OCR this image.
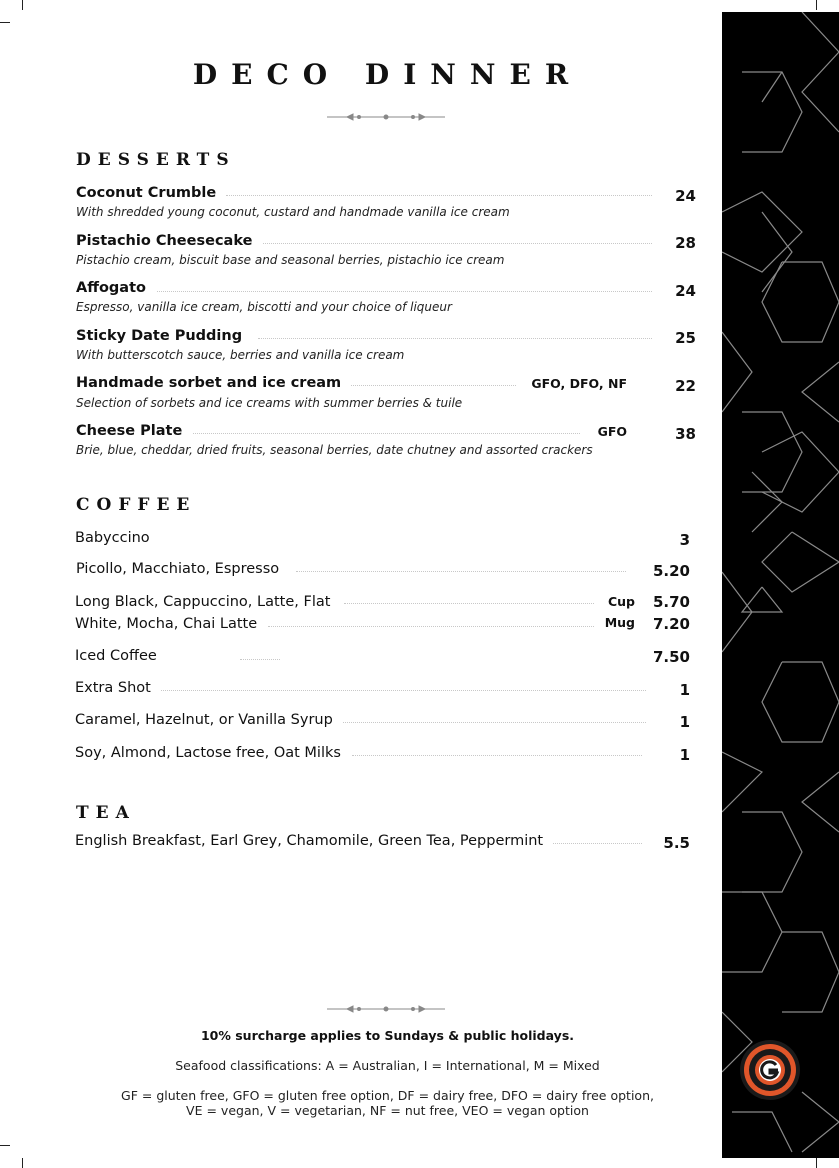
DECO DINNER
DESSERTS
Coconut Crumble
With shredded young coconut, custard and handmade vanilla ice cream
24
Pistachio Cheesecake
Pistachio cream, biscuit base and seasonal berries, pistachio ice cream
28
Affogato
Espresso, vanilla ice cream, biscotti and your choice of liqueur
24
Sticky Date Pudding
With butterscotch sauce, berries and vanilla ice cream
25
Handmade sorbet and ice cream
Selection of sorbets and ice creams with summer berries & tuile
GFO, DFO, NF	22
Cheese Plate
Brie, blue, cheddar, dried fruits, seasonal berries, date chutney and assorted crackers
GFO	38
COFFEE
Babyccino	3
Picollo, Macchiato, Espresso	5.20
Long Black, Cappuccino, Latte, Flat	Cup	5.70
White, Mocha, Chai Latte	Mug	7.20
Iced Coffee	7.50
Extra Shot	1
Caramel, Hazelnut, or Vanilla Syrup	1
Soy, Almond, Lactose free, Oat Milks	1
TEA
English Breakfast, Earl Grey, Chamomile, Green Tea, Peppermint	5.5
10% surcharge applies to Sundays & public holidays.
Seafood classifications: A = Australian, I = International, M = Mixed
GF = gluten free, GFO = gluten free option, DF = dairy free, DFO = dairy free option,
VE = vegan, V = vegetarian, NF = nut free, VEO = vegan option
